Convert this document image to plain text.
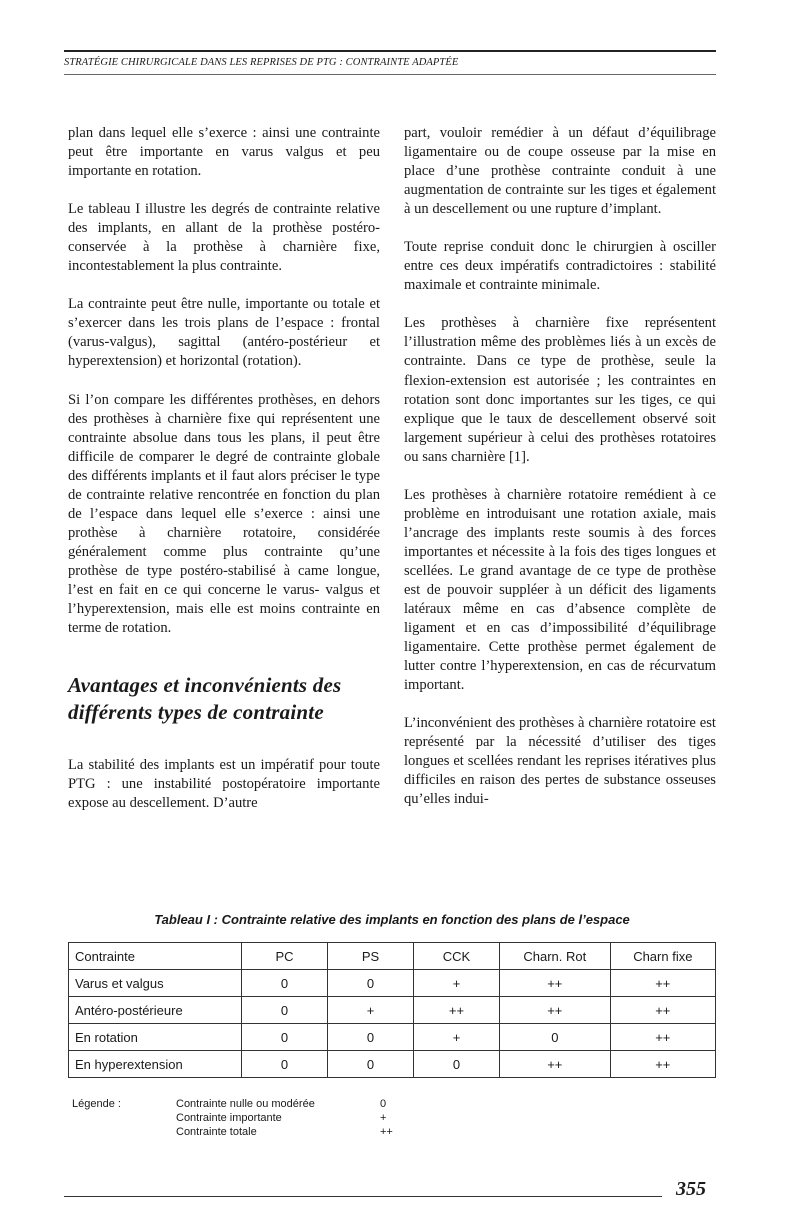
STRATÉGIE CHIRURGICALE DANS LES REPRISES DE PTG : CONTRAINTE ADAPTÉE

plan dans lequel elle s’exerce : ainsi une contrainte peut être importante en varus valgus et peu importante en rotation.

Le tableau I illustre les degrés de contrainte relative des implants, en allant de la prothèse postéro-conservée à la prothèse à charnière fixe, incontestablement la plus contrainte.

La contrainte peut être nulle, importante ou totale et s’exercer dans les trois plans de l’espace : frontal (varus-valgus), sagittal (antéro-postérieur et hyperextension) et horizontal (rotation).

Si l’on compare les différentes prothèses, en dehors des prothèses à charnière fixe qui représentent une contrainte absolue dans tous les plans, il peut être difficile de comparer le degré de contrainte globale des différents implants et il faut alors préciser le type de contrainte relative rencontrée en fonction du plan de l’espace dans lequel elle s’exerce : ainsi une prothèse à charnière rotatoire, considérée généralement comme plus contrainte qu’une prothèse de type postéro-stabilisé à came longue, l’est en fait en ce qui concerne le varus- valgus et l’hyperextension, mais elle est moins contrainte en terme de rotation.

Avantages et inconvénients des différents types de contrainte

La stabilité des implants est un impératif pour toute PTG : une instabilité postopératoire importante expose au descellement. D’autre

part, vouloir remédier à un défaut d’équilibrage ligamentaire ou de coupe osseuse par la mise en place d’une prothèse contrainte conduit à une augmentation de contrainte sur les tiges et également à un descellement ou une rupture d’implant.

Toute reprise conduit donc le chirurgien à osciller entre ces deux impératifs contradictoires : stabilité maximale et contrainte minimale.

Les prothèses à charnière fixe représentent l’illustration même des problèmes liés à un excès de contrainte. Dans ce type de prothèse, seule la flexion-extension est autorisée ; les contraintes en rotation sont donc importantes sur les tiges, ce qui explique que le taux de descellement observé soit largement supérieur à celui des prothèses rotatoires ou sans charnière [1].

Les prothèses à charnière rotatoire remédient à ce problème en introduisant une rotation axiale, mais l’ancrage des implants reste soumis à des forces importantes et nécessite à la fois des tiges longues et scellées. Le grand avantage de ce type de prothèse est de pouvoir suppléer à un déficit des ligaments latéraux même en cas d’absence complète de ligament et en cas d’impossibilité d’équilibrage ligamentaire. Cette prothèse permet également de lutter contre l’hyperextension, en cas de récurvatum important.

L’inconvénient des prothèses à charnière rotatoire est représenté par la nécessité d’utiliser des tiges longues et scellées rendant les reprises itératives plus difficiles en raison des pertes de substance osseuses qu’elles indui-

Tableau I : Contrainte relative des implants en fonction des plans de l’espace
Contrainte	PC	PS	CCK	Charn. Rot	Charn fixe
Varus et valgus	0	0	+	++	++
Antéro-postérieure	0	+	++	++	++
En rotation	0	0	+	0	++
En hyperextension	0	0	0	++	++
Légende :	Contrainte nulle ou modérée	0
Contrainte importante	+
Contrainte totale	++
355
